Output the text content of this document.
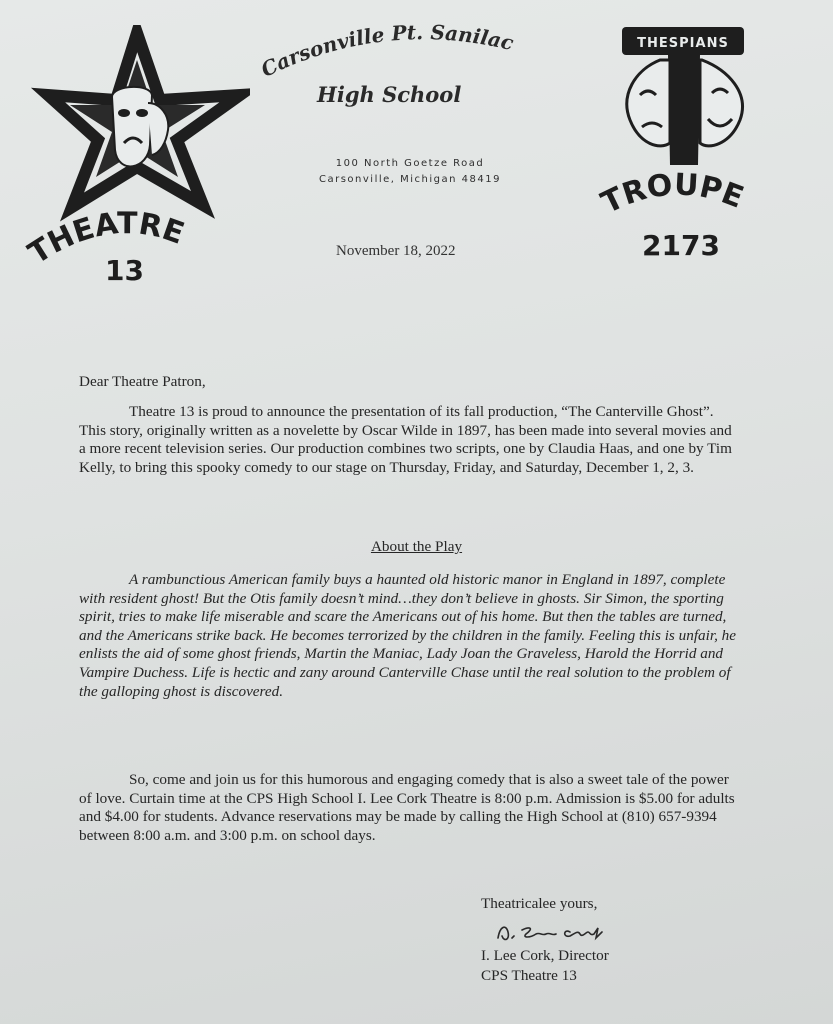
THEATRE
13
Carsonville Pt. Sanilac
High School
THESPIANS
TROUPE
2173
100 North Goetze Road
Carsonville, Michigan 48419
November 18, 2022
Dear Theatre Patron,
Theatre 13 is proud to announce the presentation of its fall production, “The Canterville Ghost”. This story, originally written as a novelette by Oscar Wilde in 1897, has been made into several movies and a more recent television series. Our production combines two scripts, one by Claudia Haas, and one by Tim Kelly, to bring this spooky comedy to our stage on Thursday, Friday, and Saturday, December 1, 2, 3.
About the Play
A rambunctious American family buys a haunted old historic manor in England in 1897, complete with resident ghost! But the Otis family doesn’t mind…they don’t believe in ghosts. Sir Simon, the sporting spirit, tries to make life miserable and scare the Americans out of his home. But then the tables are turned, and the Americans strike back. He becomes terrorized by the children in the family. Feeling this is unfair, he enlists the aid of some ghost friends, Martin the Maniac, Lady Joan the Graveless, Harold the Horrid and Vampire Duchess. Life is hectic and zany around Canterville Chase until the real solution to the problem of the galloping ghost is discovered.
So, come and join us for this humorous and engaging comedy that is also a sweet tale of the power of love. Curtain time at the CPS High School I. Lee Cork Theatre is 8:00 p.m. Admission is $5.00 for adults and $4.00 for students. Advance reservations may be made by calling the High School at (810) 657-9394 between 8:00 a.m. and 3:00 p.m. on school days.
Theatricalee yours,
I. Lee Cork, Director
CPS Theatre 13
